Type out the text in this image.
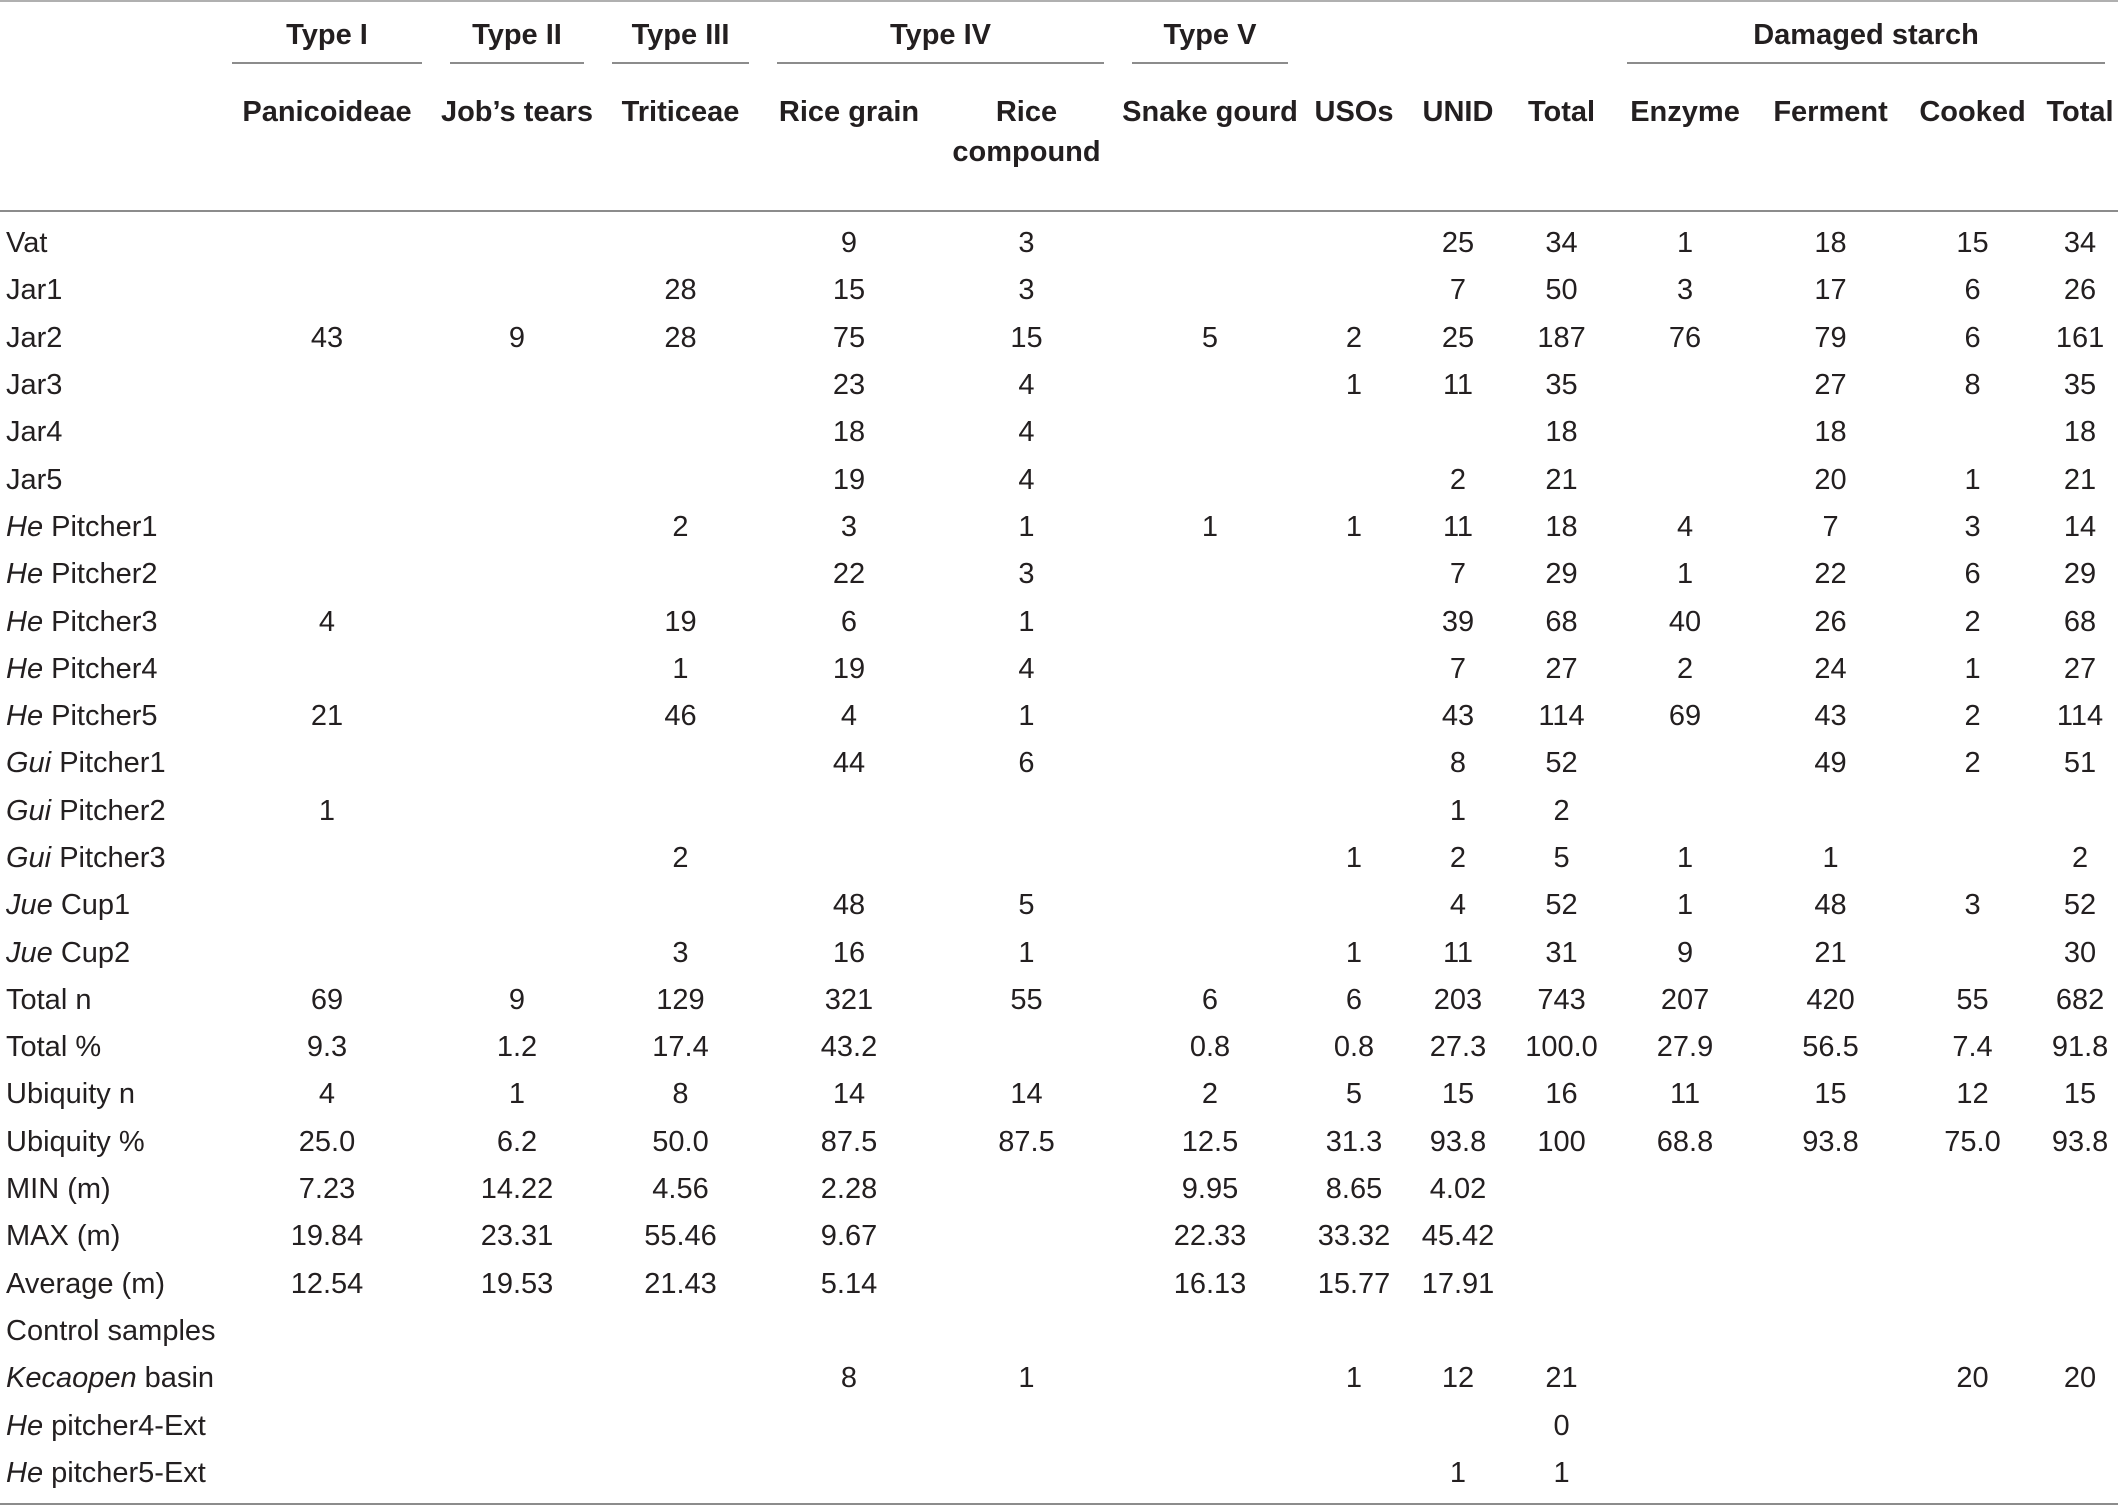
	Type I	Type II	Type III	Type IV		Type V				Damaged starch			

	Panicoideae	Job’s tears	Triticeae	Rice grain	Rice compound	Snake gourd	USOs	UNID	Total	Enzyme	Ferment	Cooked	Total

Vat				9	3			25	34	1	18	15	34
Jar1			28	15	3			7	50	3	17	6	26
Jar2	43	9	28	75	15	5	2	25	187	76	79	6	161
Jar3				23	4		1	11	35		27	8	35
Jar4				18	4				18		18		18
Jar5				19	4			2	21		20	1	21
He Pitcher1			2	3	1	1	1	11	18	4	7	3	14
He Pitcher2				22	3			7	29	1	22	6	29
He Pitcher3	4		19	6	1			39	68	40	26	2	68
He Pitcher4			1	19	4			7	27	2	24	1	27
He Pitcher5	21		46	4	1			43	114	69	43	2	114
Gui Pitcher1				44	6			8	52		49	2	51
Gui Pitcher2	1							1	2				
Gui Pitcher3			2				1	2	5	1	1		2
Jue Cup1				48	5			4	52	1	48	3	52
Jue Cup2			3	16	1		1	11	31	9	21		30
Total n	69	9	129	321	55	6	6	203	743	207	420	55	682
Total %	9.3	1.2	17.4	43.2		0.8	0.8	27.3	100.0	27.9	56.5	7.4	91.8
Ubiquity n	4	1	8	14	14	2	5	15	16	11	15	12	15
Ubiquity %	25.0	6.2	50.0	87.5	87.5	12.5	31.3	93.8	100	68.8	93.8	75.0	93.8
MIN (m)	7.23	14.22	4.56	2.28		9.95	8.65	4.02					
MAX (m)	19.84	23.31	55.46	9.67		22.33	33.32	45.42					
Average (m)	12.54	19.53	21.43	5.14		16.13	15.77	17.91					
Control samples													
Kecaopen basin				8	1		1	12	21			20	20
He pitcher4-Ext									0				
He pitcher5-Ext								1	1				
